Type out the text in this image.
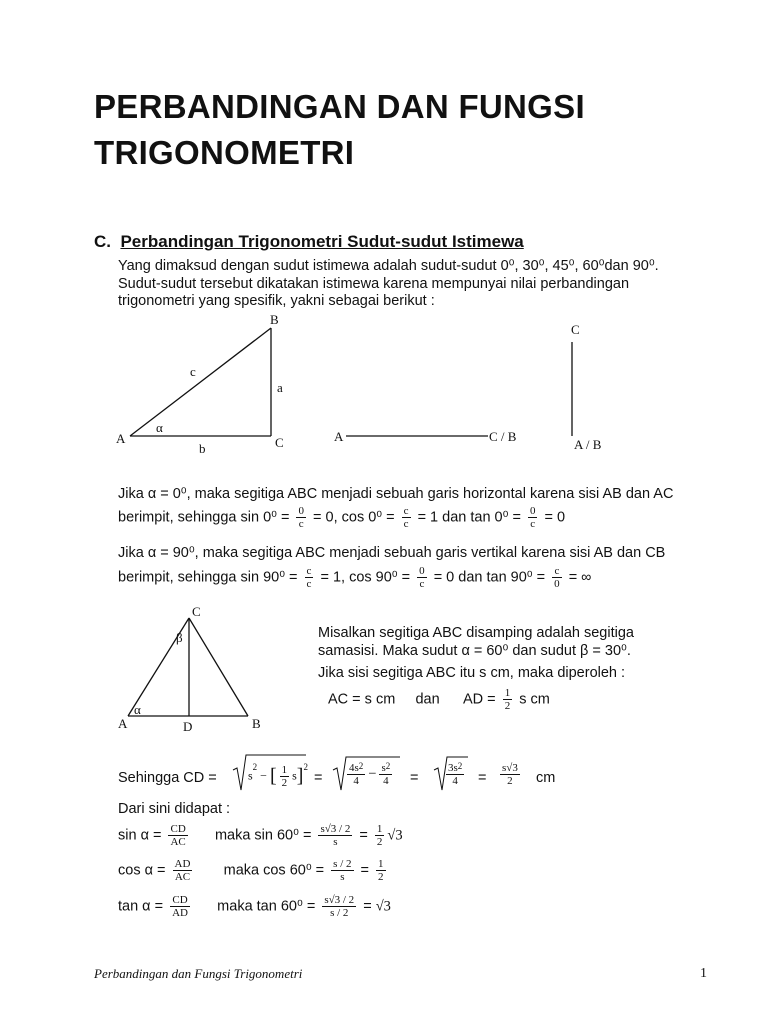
PERBANDINGAN DAN FUNGSI
TRIGONOMETRI
C. Perbandingan Trigonometri Sudut-sudut Istimewa
Yang dimaksud dengan sudut istimewa adalah sudut-sudut 0⁰, 30⁰, 45⁰, 60⁰dan 90⁰.
Sudut-sudut tersebut dikatakan istimewa karena mempunyai nilai perbandingan
trigonometri yang spesifik, yakni sebagai berikut :
B
c
a
α
A	C
b
A	C / B
C
A / B
Jika α = 0⁰, maka segitiga ABC menjadi sebuah garis horizontal karena sisi AB dan AC
berimpit, sehingga $\sin 0^0 = \frac{0}{c} = 0$, $\cos 0^0 = \frac{c}{c} = 1$ dan $\tan 0^0 = \frac{0}{c} = 0$
Jika α = 90⁰, maka segitiga ABC menjadi sebuah garis vertikal karena sisi AB dan CB
berimpit, sehingga $\sin 90^0 = \frac{c}{c} = 1$, $\cos 90^0 = \frac{0}{c} = 0$ dan $\tan 90^0 = \frac{c}{0}$ = ∞
C
β
α
A	D	B
Misalkan segitiga ABC disamping adalah segitiga
samasisi. Maka sudut α = 60⁰ dan sudut β = 30⁰.
Jika sisi segitiga ABC itu s cm, maka diperoleh :
AC = s cm dan AD = $\frac{1}{2}$ s cm
Sehingga CD =	$s^2$ − [ $\frac{1}{2} s]^2$
= $\frac{4s^2}{4} - \frac{s^2}{4}$ =	$\frac{3s^2}{4} = \frac{s√3}{2}$ cm
Dari sini didapat :
$\sin \alpha = \frac{CD}{AC}$ maka $\sin 60^0 = \frac{s√3 / 2}{s} = \frac{1}{2} √3$
$\cos \alpha = \frac{AD}{AC}$ maka $\cos 60^0 = \frac{s / 2}{s} = \frac{1}{2}$
$\tan \alpha = \frac{CD}{AD}$ maka $\tan 60^0 = \frac{s√3 / 2}{s / 2} = √3$
Perbandingan dan Fungsi Trigonometri	1
